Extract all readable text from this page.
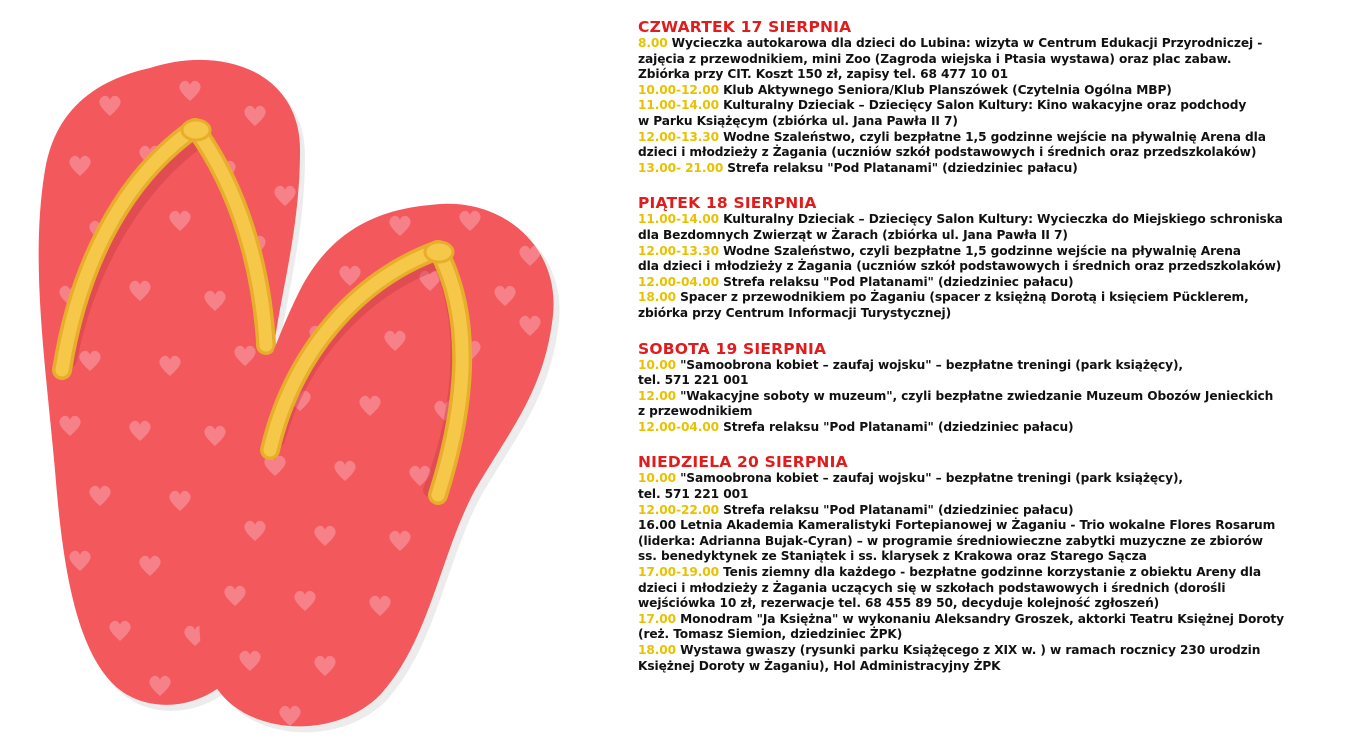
CZWARTEK 17 SIERPNIA
8.00 Wycieczka autokarowa dla dzieci do Lubina: wizyta w Centrum Edukacji Przyrodniczej -
zajęcia z przewodnikiem, mini Zoo (Zagroda wiejska i Ptasia wystawa) oraz plac zabaw.
Zbiórka przy CIT. Koszt 150 zł, zapisy tel. 68 477 10 01
10.00-12.00 Klub Aktywnego Seniora/Klub Planszówek (Czytelnia Ogólna MBP)
11.00-14.00 Kulturalny Dzieciak – Dziecięcy Salon Kultury: Kino wakacyjne oraz podchody
w Parku Książęcym (zbiórka ul. Jana Pawła II 7)
12.00-13.30 Wodne Szaleństwo, czyli bezpłatne 1,5 godzinne wejście na pływalnię Arena dla
dzieci i młodzieży z Żagania (uczniów szkół podstawowych i średnich oraz przedszkolaków)
13.00- 21.00 Strefa relaksu "Pod Platanami" (dziedziniec pałacu)
PIĄTEK 18 SIERPNIA
11.00-14.00 Kulturalny Dzieciak – Dziecięcy Salon Kultury: Wycieczka do Miejskiego schroniska
dla Bezdomnych Zwierząt w Żarach (zbiórka ul. Jana Pawła II 7)
12.00-13.30 Wodne Szaleństwo, czyli bezpłatne 1,5 godzinne wejście na pływalnię Arena
dla dzieci i młodzieży z Żagania (uczniów szkół podstawowych i średnich oraz przedszkolaków)
12.00-04.00 Strefa relaksu "Pod Platanami" (dziedziniec pałacu)
18.00 Spacer z przewodnikiem po Żaganiu (spacer z księżną Dorotą i księciem Pücklerem,
zbiórka przy Centrum Informacji Turystycznej)
SOBOTA 19 SIERPNIA
10.00 "Samoobrona kobiet – zaufaj wojsku" – bezpłatne treningi (park książęcy),
tel. 571 221 001
12.00 "Wakacyjne soboty w muzeum", czyli bezpłatne zwiedzanie Muzeum Obozów Jenieckich
z przewodnikiem
12.00-04.00 Strefa relaksu "Pod Platanami" (dziedziniec pałacu)
NIEDZIELA 20 SIERPNIA
10.00 "Samoobrona kobiet – zaufaj wojsku" – bezpłatne treningi (park książęcy),
tel. 571 221 001
12.00-22.00 Strefa relaksu "Pod Platanami" (dziedziniec pałacu)
16.00 Letnia Akademia Kameralistyki Fortepianowej w Żaganiu - Trio wokalne Flores Rosarum
(liderka: Adrianna Bujak-Cyran) – w programie średniowieczne zabytki muzyczne ze zbiorów
ss. benedyktynek ze Staniątek i ss. klarysek z Krakowa oraz Starego Sącza
17.00-19.00 Tenis ziemny dla każdego - bezpłatne godzinne korzystanie z obiektu Areny dla
dzieci i młodzieży z Żagania uczących się w szkołach podstawowych i średnich (dorośli
wejściówka 10 zł, rezerwacje tel. 68 455 89 50, decyduje kolejność zgłoszeń)
17.00 Monodram "Ja Księżna" w wykonaniu Aleksandry Groszek, aktorki Teatru Księżnej Doroty
(reż. Tomasz Siemion, dziedziniec ŻPK)
18.00 Wystawa gwaszy (rysunki parku Książęcego z XIX w. ) w ramach rocznicy 230 urodzin
Księżnej Doroty w Żaganiu), Hol Administracyjny ŻPK
